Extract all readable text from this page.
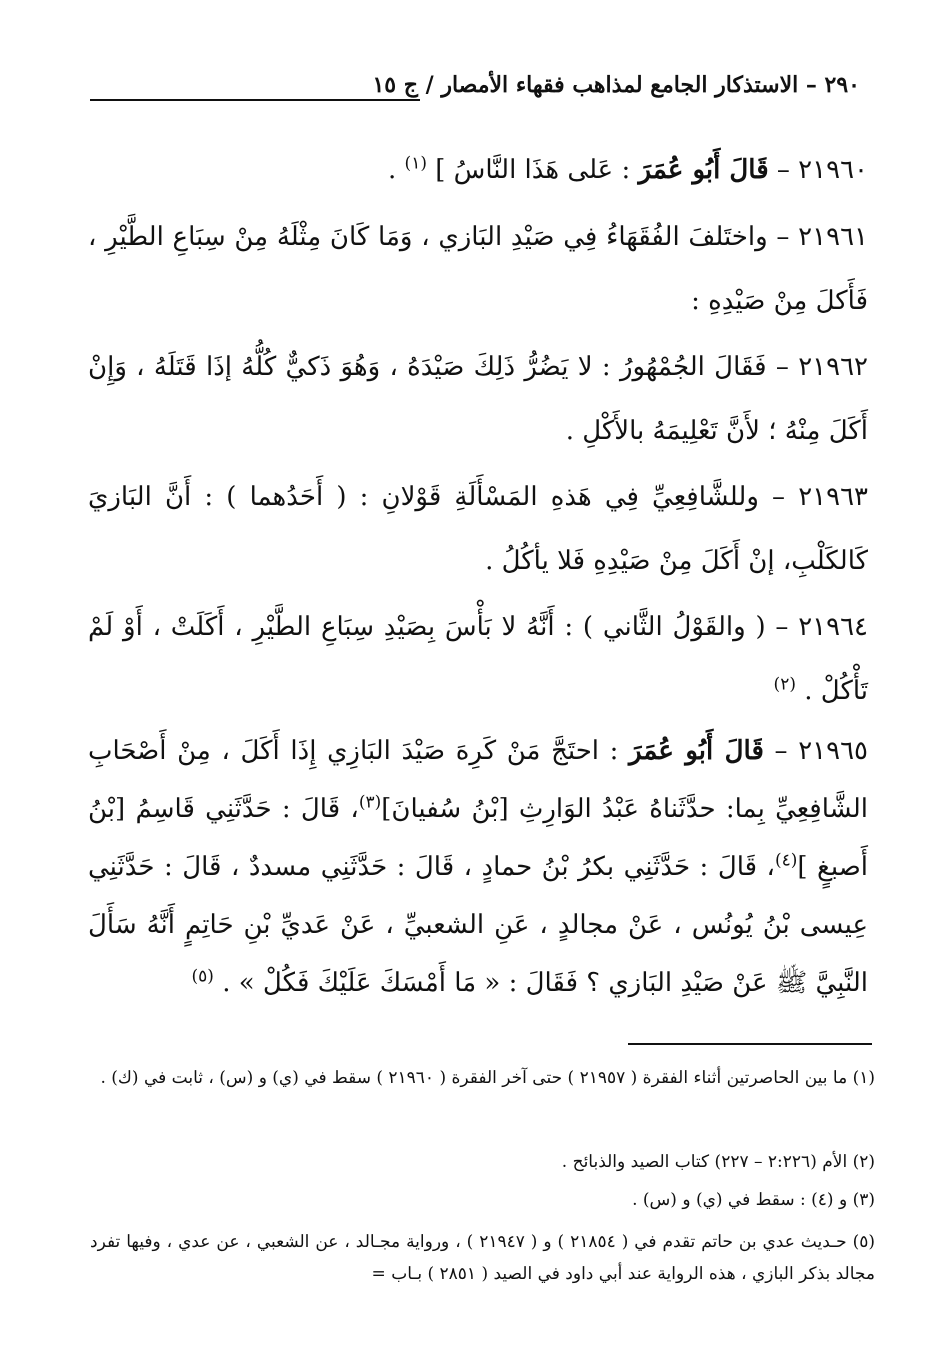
٢٩٠ – الاستذكار الجامع لمذاهب فقهاء الأمصار / ج ١٥
٢١٩٦٠ – قَالَ أَبُو عُمَرَ : عَلى هَذَا النَّاسُ ] $^{(١)}$ .
٢١٩٦١ – واختَلفَ الفُقَهَاءُ فِي صَيْدِ البَازي ، وَمَا كَانَ مِثْلَهُ مِنْ سِبَاعِ الطَّيْرِ ، فَأَكلَ مِنْ صَيْدِهِ :
٢١٩٦٢ – فَقَالَ الجُمْهُورُ : لا يَضُرُّ ذَلِكَ صَيْدَهُ ، وَهُوَ ذَكيٌّ كُلُّهُ إذَا قَتَلَهُ ، وَإِنْ أَكَلَ مِنْهُ ؛ لأَنَّ تَعْلِيمَهُ بالأَكْلِ .
٢١٩٦٣ – وللشَّافِعِيِّ فِي هَذهِ المَسْأَلَةِ قَوْلانِ : ( أَحَدُهما ) : أَنَّ البَازيَ كَالكَلْبِ، إنْ أَكَلَ مِنْ صَيْدِهِ فَلا يأكُلُ .
٢١٩٦٤ – ( والقَوْلُ الثَّاني ) : أَنَّهُ لا بَأْسَ بِصَيْدِ سِبَاعِ الطَّيْرِ ، أَكَلَتْ ، أَوْ لَمْ تَأْكُلْ . $^{(٢)}$
٢١٩٦٥ – قَالَ أَبُو عُمَرَ : احتَجَّ مَنْ كَرِهَ صَيْدَ البَازِي إِذَا أَكَلَ ، مِنْ أَصْحَابِ الشَّافِعِيِّ بِما: حدَّثَناهُ عَبْدُ الوَارِثِ [بْنُ سُفيانَ]$^{(٣)}$، قَالَ : حَدَّثَنِي قَاسِمُ [بْنُ أَصبغٍ ]$^{(٤)}$، قَالَ : حَدَّثَنِي بكرُ بْنُ حمادٍ ، قَالَ : حَدَّثَنِي مسددٌ ، قَالَ : حَدَّثَنِي عِيسى بْنُ يُونُس ، عَنْ مجالدٍ ، عَنِ الشعبيِّ ، عَنْ عَديِّ بْنِ حَاتِمٍ أَنَّهُ سَأَلَ النَّبِيَّ ﷺ عَنْ صَيْدِ البَازي ؟ فَقَالَ : « مَا أَمْسَكَ عَلَيْكَ فَكُلْ » . $^{(٥)}$
(١) ما بين الحاصرتين أثناء الفقرة ( ٢١٩٥٧ ) حتى آخر الفقرة ( ٢١٩٦٠ ) سقط في (ي) و (س) ، ثابت في (ك) .
(٢) الأم (٢:٢٢٦ – ٢٢٧) كتاب الصيد والذبائح .
(٣) و (٤) : سقط في (ي) و (س) .
(٥) حـديث عدي بن حاتم تقدم في ( ٢١٨٥٤ ) و ( ٢١٩٤٧ ) ، ورواية مجـالد ، عن الشعبي ، عن عدي ، وفيها تفرد مجالد بذكر البازي ، هذه الرواية عند أبي داود في الصيد ( ٢٨٥١ ) بـاب =
